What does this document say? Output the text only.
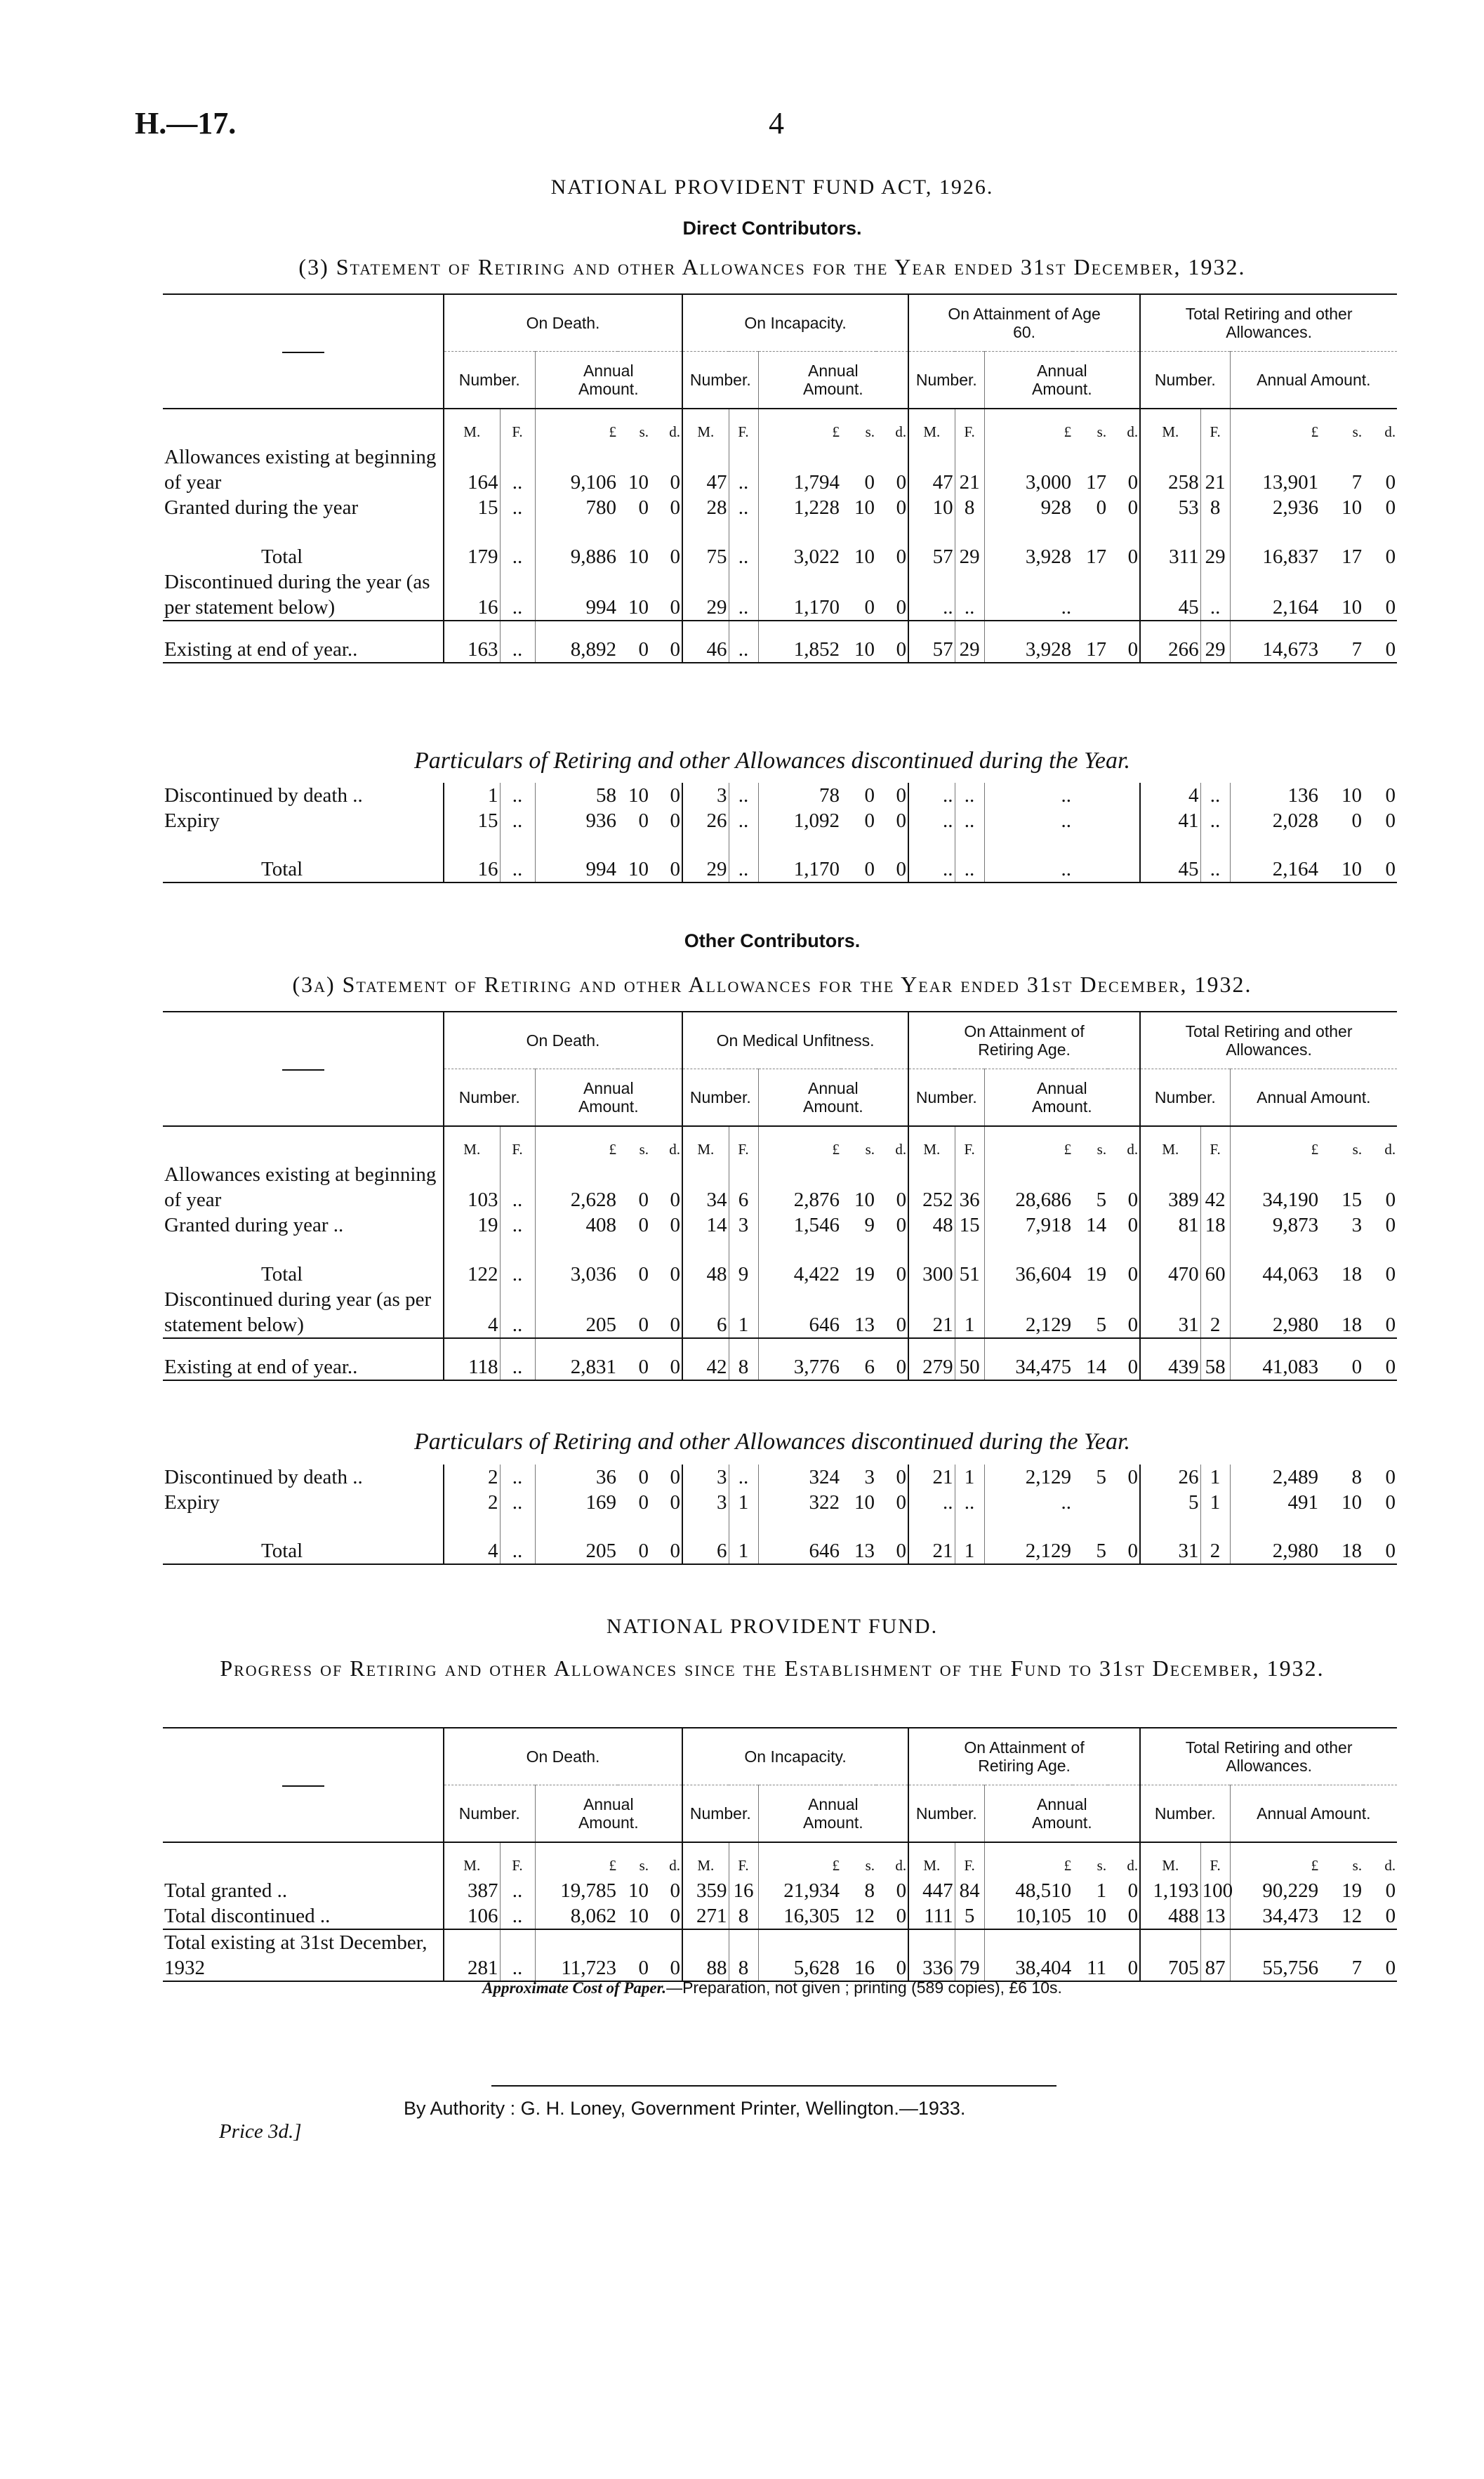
H.—17.	4
NATIONAL PROVIDENT FUND ACT, 1926.
Direct Contributors.
(3) Statement of Retiring and other Allowances for the Year ended 31st December, 1932.
	On Death.					On Incapacity.					On Attainment of Age 60.					Total Retiring and other Allowances.				
	Number.		Annual Amount.			Number.		Annual Amount.			Number.		Annual Amount.			Number.		Annual Amount.		
	M.	F.	£	s.	d.	M.	F.	£	s.	d.	M.	F.	£	s.	d.	M.	F.	£	s.	d.
Allowances existing at beginning of year	164	..	9,106	10	0	47	..	1,794	0	0	47	21	3,000	17	0	258	21	13,901	7	0
Granted during the year	15	..	780	0	0	28	..	1,228	10	0	10	8	928	0	0	53	8	2,936	10	0
Total	179	..	9,886	10	0	75	..	3,022	10	0	57	29	3,928	17	0	311	29	16,837	17	0
Discontinued during the year (as per statement below)	16	..	994	10	0	29	..	1,170	0	0	..	..	..			45	..	2,164	10	0
Existing at end of year..	163	..	8,892	0	0	46	..	1,852	10	0	57	29	3,928	17	0	266	29	14,673	7	0
Particulars of Retiring and other Allowances discontinued during the Year.
Discontinued by death ..	1	..	58	10	0	3	..	78	0	0	..	..	..			4	..	136	10	0
Expiry	15	..	936	0	0	26	..	1,092	0	0	..	..	..			41	..	2,028	0	0
Total	16	..	994	10	0	29	..	1,170	0	0	..	..	..			45	..	2,164	10	0
Other Contributors.
(3a) Statement of Retiring and other Allowances for the Year ended 31st December, 1932.
	On Death.					On Medical Unfitness.					On Attainment of Retiring Age.					Total Retiring and other Allowances.				
	Number.		Annual Amount.			Number.		Annual Amount.			Number.		Annual Amount.			Number.		Annual Amount.		
	M.	F.	£	s.	d.	M.	F.	£	s.	d.	M.	F.	£	s.	d.	M.	F.	£	s.	d.
Allowances existing at beginning of year	103	..	2,628	0	0	34	6	2,876	10	0	252	36	28,686	5	0	389	42	34,190	15	0
Granted during year ..	19	..	408	0	0	14	3	1,546	9	0	48	15	7,918	14	0	81	18	9,873	3	0
Total	122	..	3,036	0	0	48	9	4,422	19	0	300	51	36,604	19	0	470	60	44,063	18	0
Discontinued during year (as per statement below)	4	..	205	0	0	6	1	646	13	0	21	1	2,129	5	0	31	2	2,980	18	0
Existing at end of year..	118	..	2,831	0	0	42	8	3,776	6	0	279	50	34,475	14	0	439	58	41,083	0	0
Particulars of Retiring and other Allowances discontinued during the Year.
Discontinued by death ..	2	..	36	0	0	3	..	324	3	0	21	1	2,129	5	0	26	1	2,489	8	0
Expiry	2	..	169	0	0	3	1	322	10	0	..	..	..			5	1	491	10	0
Total	4	..	205	0	0	6	1	646	13	0	21	1	2,129	5	0	31	2	2,980	18	0
NATIONAL PROVIDENT FUND.
Progress of Retiring and other Allowances since the Establishment of the Fund to 31st December, 1932.
	On Death.					On Incapacity.					On Attainment of Retiring Age.					Total Retiring and other Allowances.				
	Number.		Annual Amount.			Number.		Annual Amount.			Number.		Annual Amount.			Number.		Annual Amount.		
	M.	F.	£	s.	d.	M.	F.	£	s.	d.	M.	F.	£	s.	d.	M.	F.	£	s.	d.
Total granted ..	387	..	19,785	10	0	359	16	21,934	8	0	447	84	48,510	1	0	1,193	100	90,229	19	0
Total discontinued ..	106	..	8,062	10	0	271	8	16,305	12	0	111	5	10,105	10	0	488	13	34,473	12	0
Total existing at 31st December, 1932	281	..	11,723	0	0	88	8	5,628	16	0	336	79	38,404	11	0	705	87	55,756	7	0
Approximate Cost of Paper.—Preparation, not given ; printing (589 copies), £6 10s.
By Authority : G. H. Loney, Government Printer, Wellington.—1933.
Price 3d.]
